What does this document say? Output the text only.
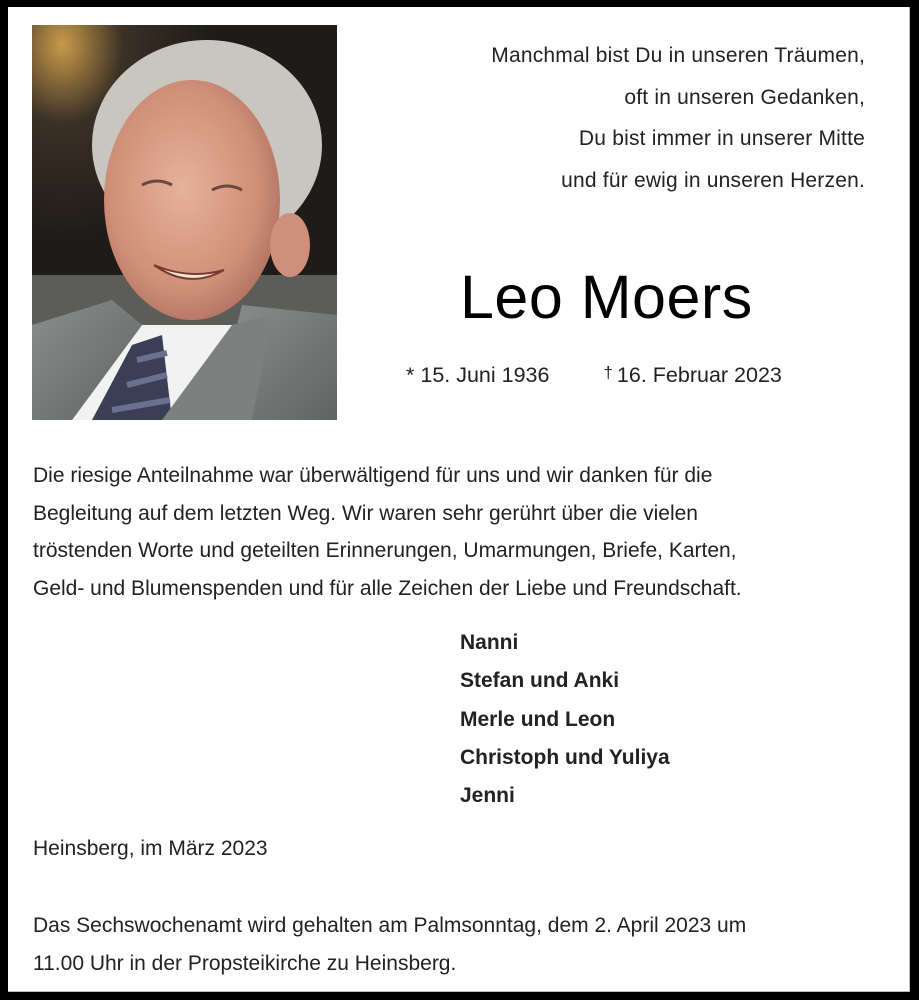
Manchmal bist Du in unseren Träumen,
oft in unseren Gedanken,
Du bist immer in unserer Mitte
und für ewig in unseren Herzen.
Leo Moers
* 15. Juni 1936	† 16. Februar 2023
Die riesige Anteilnahme war überwältigend für uns und wir danken für die
Begleitung auf dem letzten Weg. Wir waren sehr gerührt über die vielen
tröstenden Worte und geteilten Erinnerungen, Umarmungen, Briefe, Karten,
Geld- und Blumenspenden und für alle Zeichen der Liebe und Freundschaft.
Nanni
Stefan und Anki
Merle und Leon
Christoph und Yuliya
Jenni
Heinsberg, im März 2023
Das Sechswochenamt wird gehalten am Palmsonntag, dem 2. April 2023 um
11.00 Uhr in der Propsteikirche zu Heinsberg.
